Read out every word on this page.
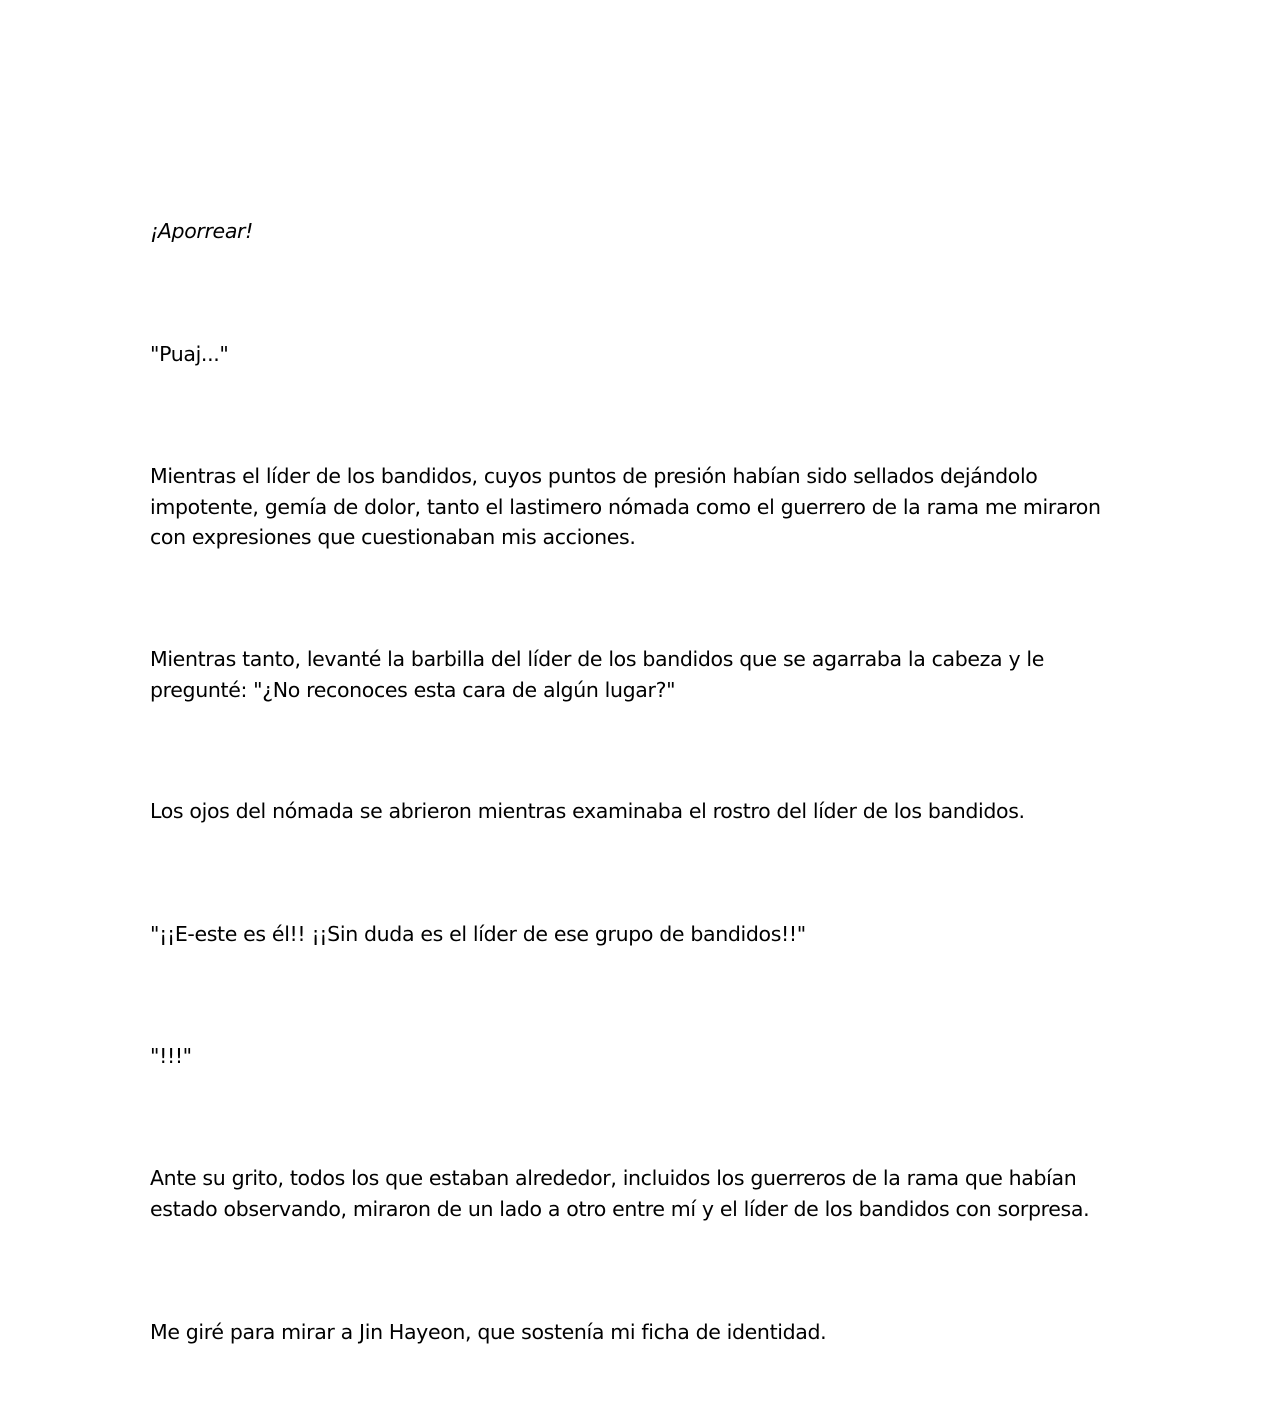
¡Aporrear!

"Puaj..."

Mientras el líder de los bandidos, cuyos puntos de presión habían sido sellados dejándolo
impotente, gemía de dolor, tanto el lastimero nómada como el guerrero de la rama me miraron
con expresiones que cuestionaban mis acciones.

Mientras tanto, levanté la barbilla del líder de los bandidos que se agarraba la cabeza y le
pregunté: "¿No reconoces esta cara de algún lugar?"

Los ojos del nómada se abrieron mientras examinaba el rostro del líder de los bandidos.

"¡¡E-este es él!! ¡¡Sin duda es el líder de ese grupo de bandidos!!"

"!!!"

Ante su grito, todos los que estaban alrededor, incluidos los guerreros de la rama que habían
estado observando, miraron de un lado a otro entre mí y el líder de los bandidos con sorpresa.

Me giré para mirar a Jin Hayeon, que sostenía mi ficha de identidad.
